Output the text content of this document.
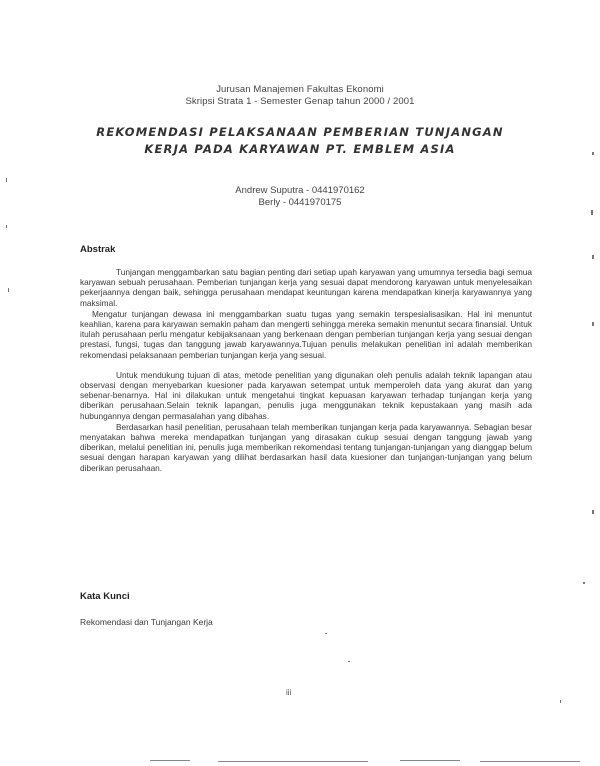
Jurusan Manajemen Fakultas Ekonomi
Skripsi Strata 1 - Semester Genap tahun 2000 / 2001
REKOMENDASI PELAKSANAAN PEMBERIAN TUNJANGAN
KERJA PADA KARYAWAN PT. EMBLEM ASIA
Andrew Suputra - 0441970162
Berly - 0441970175
Abstrak

Tunjangan menggambarkan satu bagian penting dari setiap upah karyawan yang umumnya tersedia bagi semua karyawan sebuah perusahaan. Pemberian tunjangan kerja yang sesuai dapat mendorong karyawan untuk menyelesaikan pekerjaannya dengan baik, sehingga perusahaan mendapat keuntungan karena mendapatkan kinerja karyawannya yang maksimal.

Mengatur tunjangan dewasa ini menggambarkan suatu tugas yang semakin terspesialisasikan. Hal ini menuntut keahlian, karena para karyawan semakin paham dan mengerti sehingga mereka semakin menuntut secara finansial. Untuk itulah perusahaan perlu mengatur kebijaksanaan yang berkenaan dengan pemberian tunjangan kerja yang sesuai dengan prestasi, fungsi, tugas dan tanggung jawab karyawannya.Tujuan penulis melakukan penelitian ini adalah memberikan rekomendasi pelaksanaan pemberian tunjangan kerja yang sesuai.

Untuk mendukung tujuan di atas, metode penelitian yang digunakan oleh penulis adalah teknik lapangan atau observasi dengan menyebarkan kuesioner pada karyawan setempat untuk memperoleh data yang akurat dan yang sebenar-benarnya. Hal ini dilakukan untuk mengetahui tingkat kepuasan karyawan terhadap tunjangan kerja yang diberikan perusahaan.Selain teknik lapangan, penulis juga menggunakan teknik kepustakaan yang masih ada hubungannya dengan permasalahan yang dibahas.

Berdasarkan hasil penelitian, perusahaan telah memberikan tunjangan kerja pada karyawannya. Sebagian besar menyatakan bahwa mereka mendapatkan tunjangan yang dirasakan cukup sesuai dengan tanggung jawab yang diberikan, melalui penelitian ini, penulis juga memberikan rekomendasi tentang tunjangan-tunjangan yang dianggap belum sesuai dengan harapan karyawan yang dilihat berdasarkan hasil data kuesioner dan tunjangan-tunjangan yang belum diberikan perusahaan.

Kata Kunci
Rekomendasi dan Tunjangan Kerja
iii
